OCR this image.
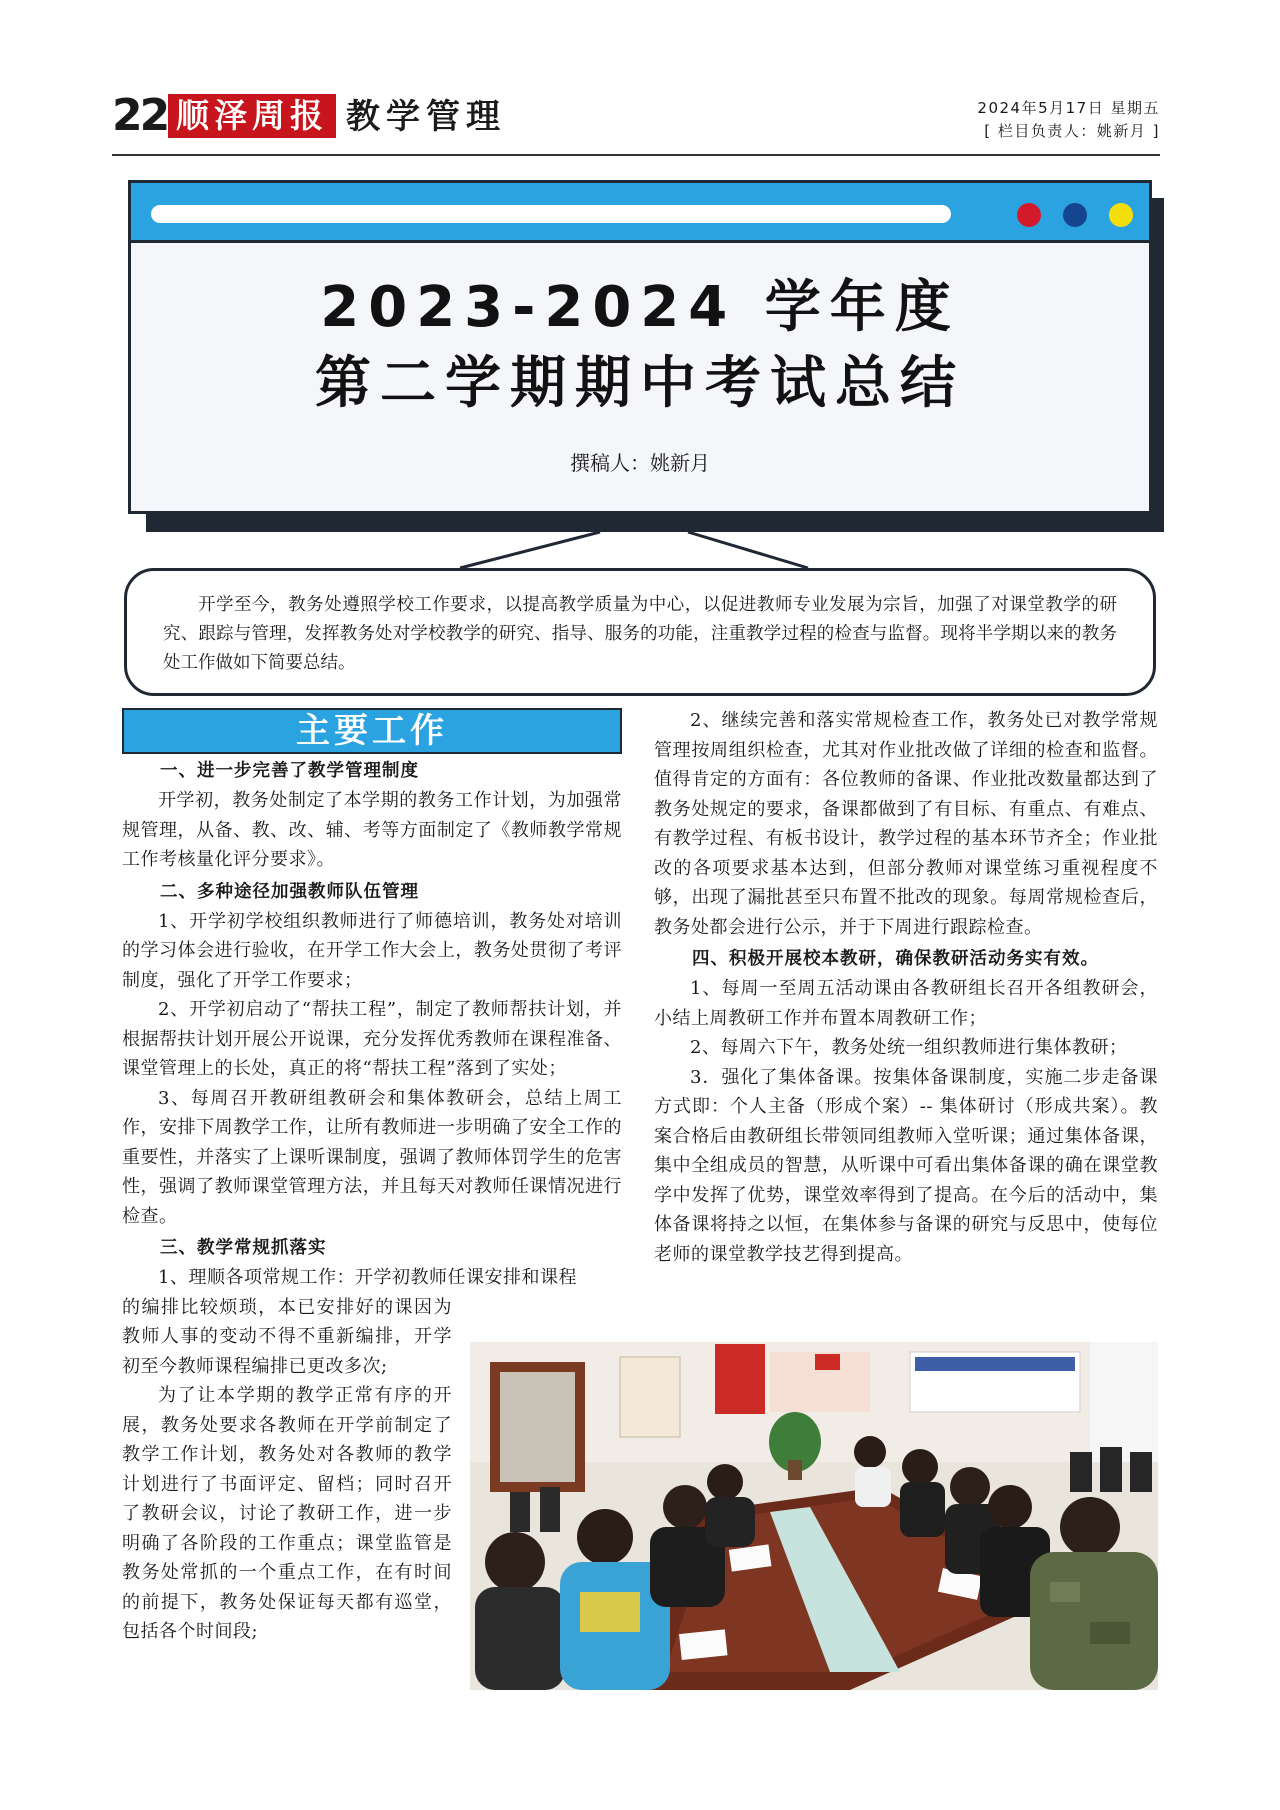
22 顺泽周报 教学管理	2024年5月17日 星期五
[ 栏目负责人：姚新月 ]
2023-2024 学年度
第二学期期中考试总结
撰稿人：姚新月

开学至今，教务处遵照学校工作要求，以提高教学质量为中心，以促进教师专业发展为宗旨，加强了对课堂教学的研究、跟踪与管理，发挥教务处对学校教学的研究、指导、服务的功能，注重教学过程的检查与监督。现将半学期以来的教务处工作做如下简要总结。

主要工作
一、进一步完善了教学管理制度

开学初，教务处制定了本学期的教务工作计划，为加强常规管理，从备、教、改、辅、考等方面制定了《教师教学常规工作考核量化评分要求》。

二、多种途径加强教师队伍管理

1、开学初学校组织教师进行了师德培训，教务处对培训的学习体会进行验收，在开学工作大会上，教务处贯彻了考评制度，强化了开学工作要求；

2、开学初启动了“帮扶工程”，制定了教师帮扶计划，并根据帮扶计划开展公开说课，充分发挥优秀教师在课程准备、课堂管理上的长处，真正的将“帮扶工程”落到了实处；

3、每周召开教研组教研会和集体教研会，总结上周工作，安排下周教学工作，让所有教师进一步明确了安全工作的重要性，并落实了上课听课制度，强调了教师体罚学生的危害性，强调了教师课堂管理方法，并且每天对教师任课情况进行检查。

三、教学常规抓落实

1、理顺各项常规工作：开学初教师任课安排和课程

的编排比较烦琐，本已安排好的课因为教师人事的变动不得不重新编排，开学初至今教师课程编排已更改多次;

为了让本学期的教学正常有序的开展，教务处要求各教师在开学前制定了教学工作计划，教务处对各教师的教学计划进行了书面评定、留档；同时召开了教研会议，讨论了教研工作，进一步明确了各阶段的工作重点；课堂监管是教务处常抓的一个重点工作，在有时间的前提下，教务处保证每天都有巡堂，包括各个时间段;

2、继续完善和落实常规检查工作，教务处已对教学常规管理按周组织检查，尤其对作业批改做了详细的检查和监督。值得肯定的方面有：各位教师的备课、作业批改数量都达到了教务处规定的要求，备课都做到了有目标、有重点、有难点、有教学过程、有板书设计，教学过程的基本环节齐全；作业批改的各项要求基本达到，但部分教师对课堂练习重视程度不够，出现了漏批甚至只布置不批改的现象。每周常规检查后，教务处都会进行公示，并于下周进行跟踪检查。

四、积极开展校本教研，确保教研活动务实有效。

1、每周一至周五活动课由各教研组长召开各组教研会，小结上周教研工作并布置本周教研工作；

2、每周六下午，教务处统一组织教师进行集体教研；

3．强化了集体备课。按集体备课制度，实施二步走备课方式即：个人主备（形成个案）-- 集体研讨（形成共案）。教案合格后由教研组长带领同组教师入堂听课；通过集体备课，集中全组成员的智慧，从听课中可看出集体备课的确在课堂教学中发挥了优势，课堂效率得到了提高。在今后的活动中，集体备课将持之以恒，在集体参与备课的研究与反思中，使每位老师的课堂教学技艺得到提高。
